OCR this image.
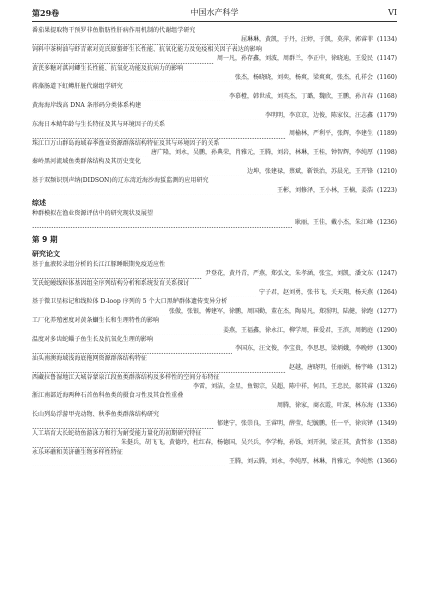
第29卷	中国水产科学	VI
番茄果提取物干预罗非鱼脂肪性肝病作用机制的代谢组学研究
屈琳琳，黄凯，于丹，汪婷，于凯，莫萍，郭睿菲 (1134)
饲料中茶树油与虾青素对克氏原螯虾生长性能、抗氧化能力及免疫相关因子表达的影响
周一凡，孙存鑫，刘波，周群兰，李正中，徐晓迪，王爱民 (1147)
黄芪多糖对淇河鲫生长性能、抗氧化功能及抗病力的影响
张杰，杨晓晓，刘奕，杨爽，梁爽爽，张杰，孔祥会 (1160)
蒋藻肠道下虹鳟肝脏代谢组学研究
李慕橙，韩世成，刘英杰，丁璐，魏欣，王鹏，孙言春 (1168)
黄海海岸线高 DNA 条形码分类体系构建
李明明，李京京，边俊，陈家仪，汪志鑫 (1179)
东海日本鲭年龄与生长特征及其与环境因子的关系
周榆林，严利平，张辉，李建生 (1189)
珠江口万山群岛海域春季渔业资源群落结构特征及其与环境因子的关系
唐广隆，刘永，吴鹏，孙典荣，肖雅元，王腾，刘岩，林琳，王桂，钟智辉，李纯厚 (1198)
秦岭黑河流域鱼类群落结构及其历史变化
边坤，张建禄，蔡斌，靳铁治，苏晨光，王开锋 (1210)
基于双频识别声纳(DIDSON)的辽东湾近海沙海蜇监测的应用研究
王彬，刘修泽，王小林，王楠，姜浩 (1223)
综述
种群模拟在渔业资源评估中的研究现状及展望
耿丽，王佳，戴小杰，朱江峰 (1236)
第 9 期
研究论文
基于血液转录组分析的长江江豚睡眠期免疫适应性
尹登花，黄丹青，严燕，郑弘文，朱孝涵，张宝，刘凯，潘文东 (1247)
艾氏蛇鳗线粒体基因组全序列结构分析和系统发育关系探讨
宁子君，赵刘勇，张书飞，关天翔，杨天燕 (1264)
基于微卫星标记和线粒体 D-loop 序列的 5 个大口黑鲈群体遗传变异分析
张傲，张银，傅建军，徐鹏，周国勤，董在杰，陶易凡，郑照明，陆健，徐跑 (1277)
工厂化养殖密度对黄条鰤生长和生理特性的影响
姜燕，王福鑫，徐永江，柳学周，崔爱君，王滨，周鹤庭 (1290)
温度对多齿蛇鲻子鱼生长及抗氧化生理的影响
李国东，汪文俊，李宝贵，李思思，梁炳娥，李晚婷 (1300)
汕头南澳海域浅海底拖网资源群落结构特征
赵越，唐晓明，任丽娟，杨宇峰 (1312)
西藏拉鲁湿地江大城谷蒙泉江段鱼类群落结构及多样性的空间分布特征
李雷，刘洁，金星，鱼锡宗，吴超，陈中祥，何昌，王忠民，郝其睿 (1326)
浙江南部近海两种石首鱼科鱼类的摄食习性及其食性重叠
周腾，徐家，商衣霞，叶深，林东海 (1336)
长山列岛浮游甲壳动物、秋季鱼类群落结构研究
郁建宁，张崇良，王睿明，薛莹，纪毓鹏，任一平，徐宾铎 (1349)
人工培育大长蛇幼鱼游泳力和行为耐受能力量化的初期研究特征
朱挺兵，胡飞飞，黄德玲，杜红春，杨德国，吴兴兵，李学梅，孙铄，刘开润，梁正其，黄哲参 (1358)
永乐环礁和美济礁生物多样性特征
王腾，刘云腾，刘永，李纯厚，林琳，肖雅元，李纯然 (1366)
